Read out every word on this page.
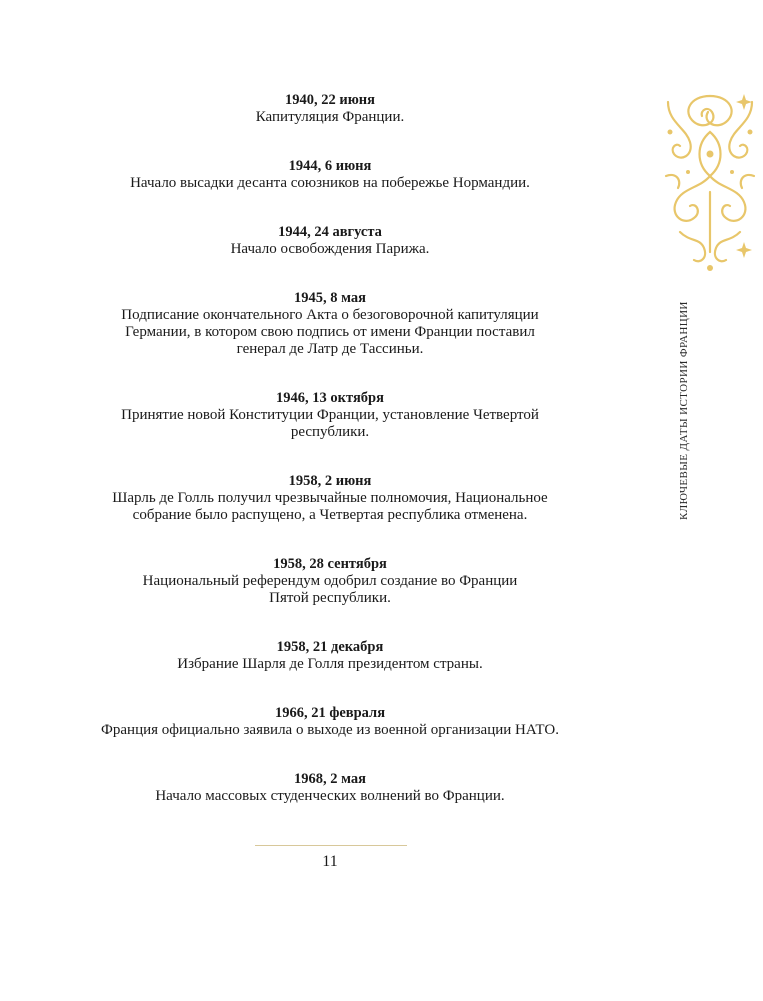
1940, 22 июня
Капитуляция Франции.
1944, 6 июня
Начало высадки десанта союзников на побережье Нормандии.
1944, 24 августа
Начало освобождения Парижа.
1945, 8 мая
Подписание окончательного Акта о безоговорочной капитуляции
Германии, в котором свою подпись от имени Франции поставил
генерал де Латр де Тассиньи.
1946, 13 октября
Принятие новой Конституции Франции, установление Четвертой
республики.
1958, 2 июня
Шарль де Голль получил чрезвычайные полномочия, Национальное
собрание было распущено, а Четвертая республика отменена.
1958, 28 сентября
Национальный референдум одобрил создание во Франции
Пятой республики.
1958, 21 декабря
Избрание Шарля де Голля президентом страны.
1966, 21 февраля
Франция официально заявила о выходе из военной организации НАТО.
1968, 2 мая
Начало массовых студенческих волнений во Франции.
11
КЛЮЧЕВЫЕ ДАТЫ ИСТОРИИ ФРАНЦИИ
